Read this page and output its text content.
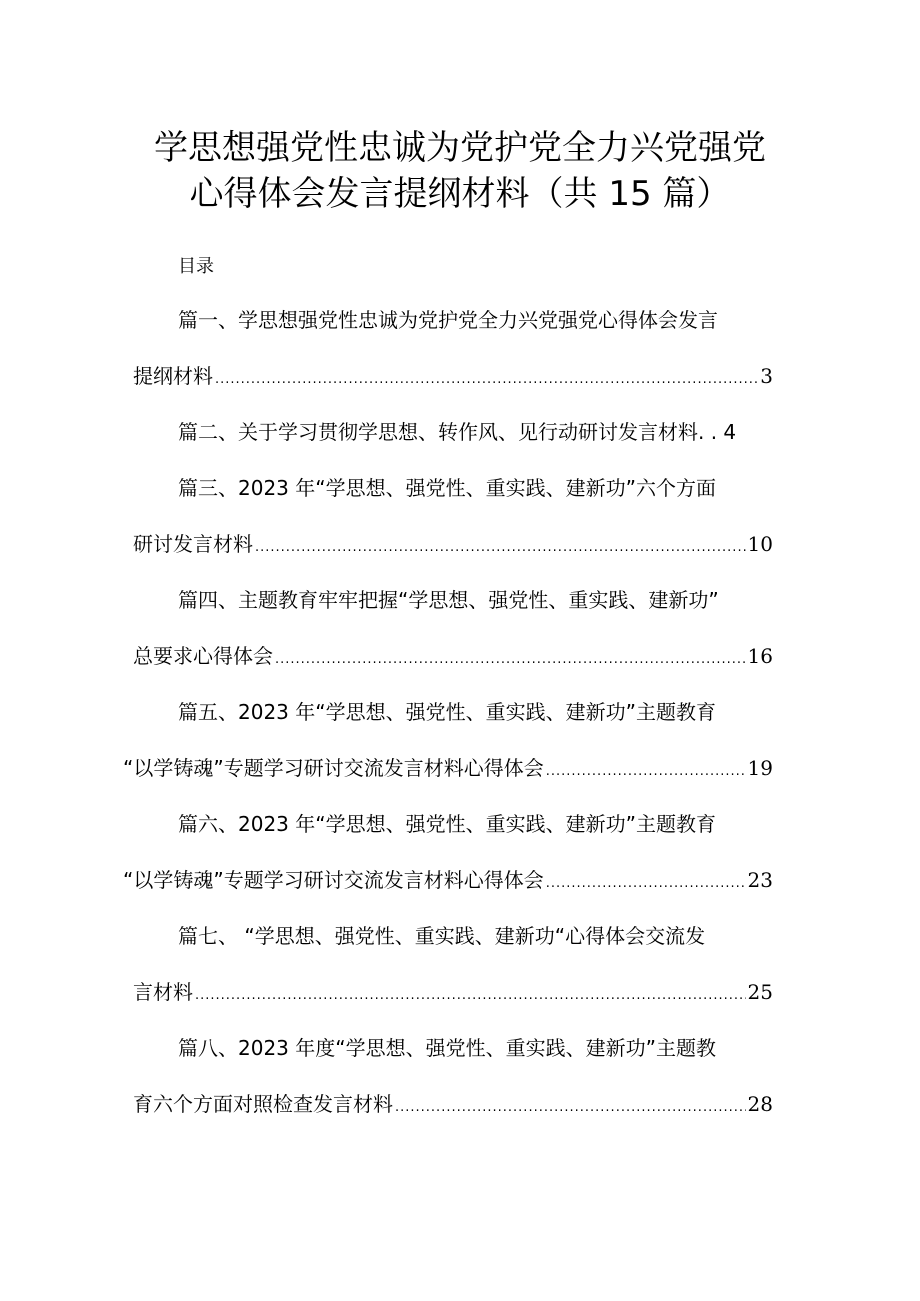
学思想强党性忠诚为党护党全力兴党强党
心得体会发言提纲材料（共 15 篇）
目录
篇一、学思想强党性忠诚为党护党全力兴党强党心得体会发言
提纲材料 .....	3
篇二、关于学习贯彻学思想、转作风、见行动研讨发言材料. . 4
篇三、2023 年“学思想、强党性、重实践、建新功”六个方面
研讨发言材料 .....	10
篇四、主题教育牢牢把握“学思想、强党性、重实践、建新功”
总要求心得体会 .....	16
篇五、2023 年“学思想、强党性、重实践、建新功”主题教育
“以学铸魂”专题学习研讨交流发言材料心得体会 .....	19
篇六、2023 年“学思想、强党性、重实践、建新功”主题教育
“以学铸魂”专题学习研讨交流发言材料心得体会 .....	23
篇七、 “学思想、强党性、重实践、建新功“心得体会交流发
言材料 .....	25
篇八、2023 年度“学思想、强党性、重实践、建新功”主题教
育六个方面对照检查发言材料 .....	28
